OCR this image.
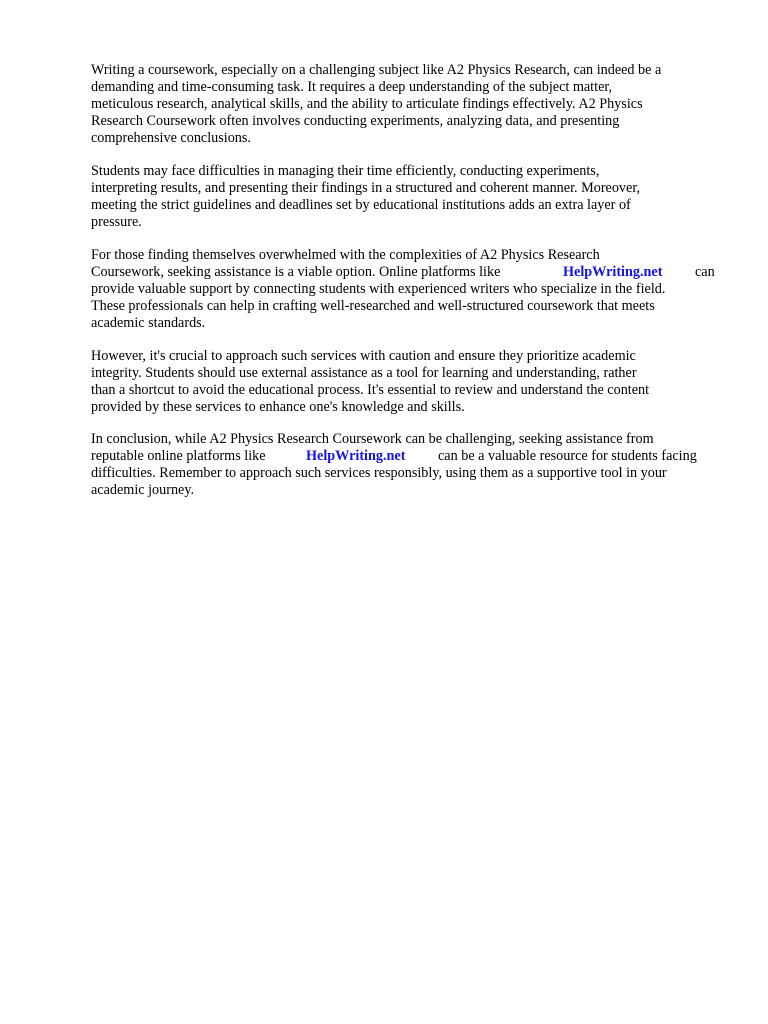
Writing a coursework, especially on a challenging subject like A2 Physics Research, can indeed be a
demanding and time-consuming task. It requires a deep understanding of the subject matter,
meticulous research, analytical skills, and the ability to articulate findings effectively. A2 Physics
Research Coursework often involves conducting experiments, analyzing data, and presenting
comprehensive conclusions.
Students may face difficulties in managing their time efficiently, conducting experiments,
interpreting results, and presenting their findings in a structured and coherent manner. Moreover,
meeting the strict guidelines and deadlines set by educational institutions adds an extra layer of
pressure.
For those finding themselves overwhelmed with the complexities of A2 Physics Research
Coursework, seeking assistance is a viable option. Online platforms like	HelpWriting.net can
provide valuable support by connecting students with experienced writers who specialize in the field.
These professionals can help in crafting well-researched and well-structured coursework that meets
academic standards.
However, it's crucial to approach such services with caution and ensure they prioritize academic
integrity. Students should use external assistance as a tool for learning and understanding, rather
than a shortcut to avoid the educational process. It's essential to review and understand the content
provided by these services to enhance one's knowledge and skills.
In conclusion, while A2 Physics Research Coursework can be challenging, seeking assistance from
reputable online platforms like	HelpWriting.net can be a valuable resource for students facing
difficulties. Remember to approach such services responsibly, using them as a supportive tool in your
academic journey.
